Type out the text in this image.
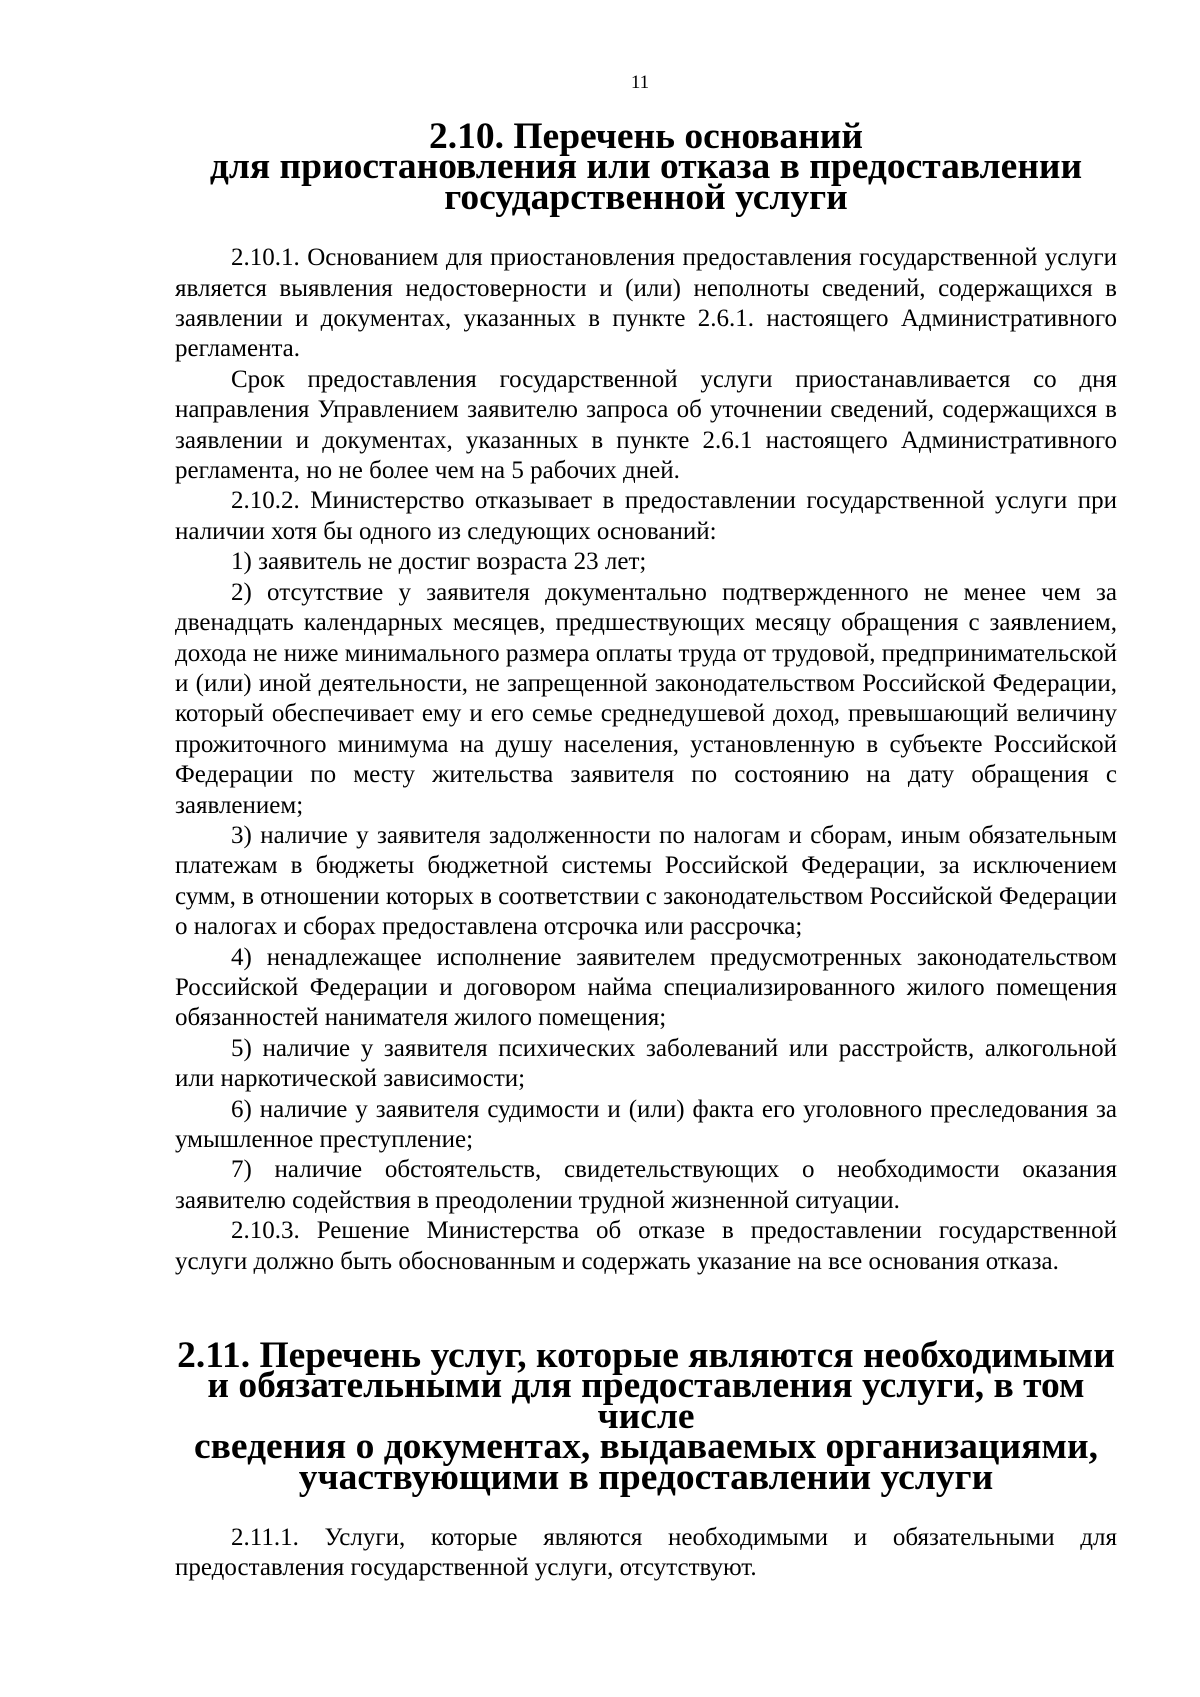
11
2.10. Перечень оснований
для приостановления или отказа в предоставлении
государственной услуги

2.10.1. Основанием для приостановления предоставления государственной услуги является выявления недостоверности и (или) неполноты сведений, содержащихся в заявлении и документах, указанных в пункте 2.6.1. настоящего Административного регламента.

Срок предоставления государственной услуги приостанавливается со дня направления Управлением заявителю запроса об уточнении сведений, содержащихся в заявлении и документах, указанных в пункте 2.6.1 настоящего Административного регламента, но не более чем на 5 рабочих дней.

2.10.2. Министерство отказывает в предоставлении государственной услуги при наличии хотя бы одного из следующих оснований:

1) заявитель не достиг возраста 23 лет;

2) отсутствие у заявителя документально подтвержденного не менее чем за двенадцать календарных месяцев, предшествующих месяцу обращения с заявлением, дохода не ниже минимального размера оплаты труда от трудовой, предпринимательской и (или) иной деятельности, не запрещенной законодательством Российской Федерации, который обеспечивает ему и его семье среднедушевой доход, превышающий величину прожиточного минимума на душу населения, установленную в субъекте Российской Федерации по месту жительства заявителя по состоянию на дату обращения с заявлением;

3) наличие у заявителя задолженности по налогам и сборам, иным обязательным платежам в бюджеты бюджетной системы Российской Федерации, за исключением сумм, в отношении которых в соответствии с законодательством Российской Федерации о налогах и сборах предоставлена отсрочка или рассрочка;

4) ненадлежащее исполнение заявителем предусмотренных законодательством Российской Федерации и договором найма специализированного жилого помещения обязанностей нанимателя жилого помещения;

5) наличие у заявителя психических заболеваний или расстройств, алкогольной или наркотической зависимости;

6) наличие у заявителя судимости и (или) факта его уголовного преследования за умышленное преступление;

7) наличие обстоятельств, свидетельствующих о необходимости оказания заявителю содействия в преодолении трудной жизненной ситуации.

2.10.3. Решение Министерства об отказе в предоставлении государственной услуги должно быть обоснованным и содержать указание на все основания отказа.

2.11. Перечень услуг, которые являются необходимыми
и обязательными для предоставления услуги, в том числе
сведения о документах, выдаваемых организациями,
участвующими в предоставлении услуги

2.11.1. Услуги, которые являются необходимыми и обязательными для предоставления государственной услуги, отсутствуют.
